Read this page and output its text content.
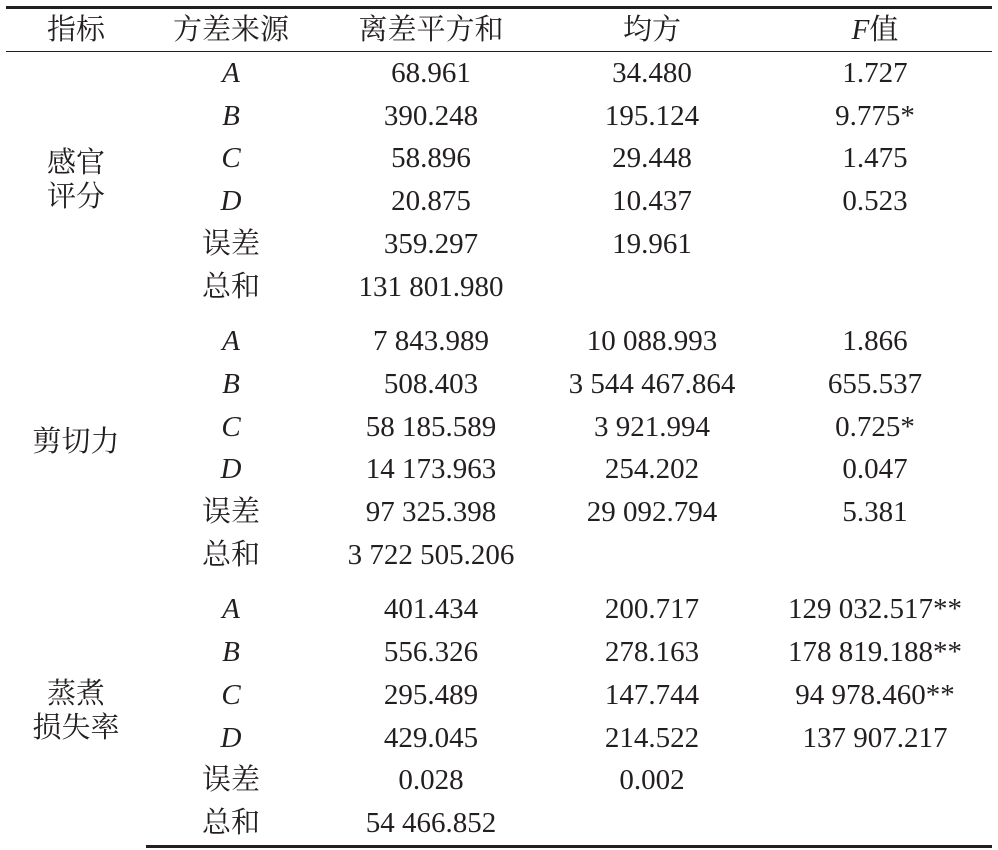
指标	方差来源	离差平方和	均方	F值

感官
评分	A	68.961	34.480	1.727
	B	390.248	195.124	9.775*
	C	58.896	29.448	1.475
	D	20.875	10.437	0.523
	误差	359.297	19.961	
	总和	131 801.980		

剪切力	A	7 843.989	10 088.993	1.866
	B	508.403	3 544 467.864	655.537
	C	58 185.589	3 921.994	0.725*
	D	14 173.963	254.202	0.047
	误差	97 325.398	29 092.794	5.381
	总和	3 722 505.206		

蒸煮
损失率	A	401.434	200.717	129 032.517**
	B	556.326	278.163	178 819.188**
	C	295.489	147.744	94 978.460**
	D	429.045	214.522	137 907.217
	误差	0.028	0.002	
	总和	54 466.852		
